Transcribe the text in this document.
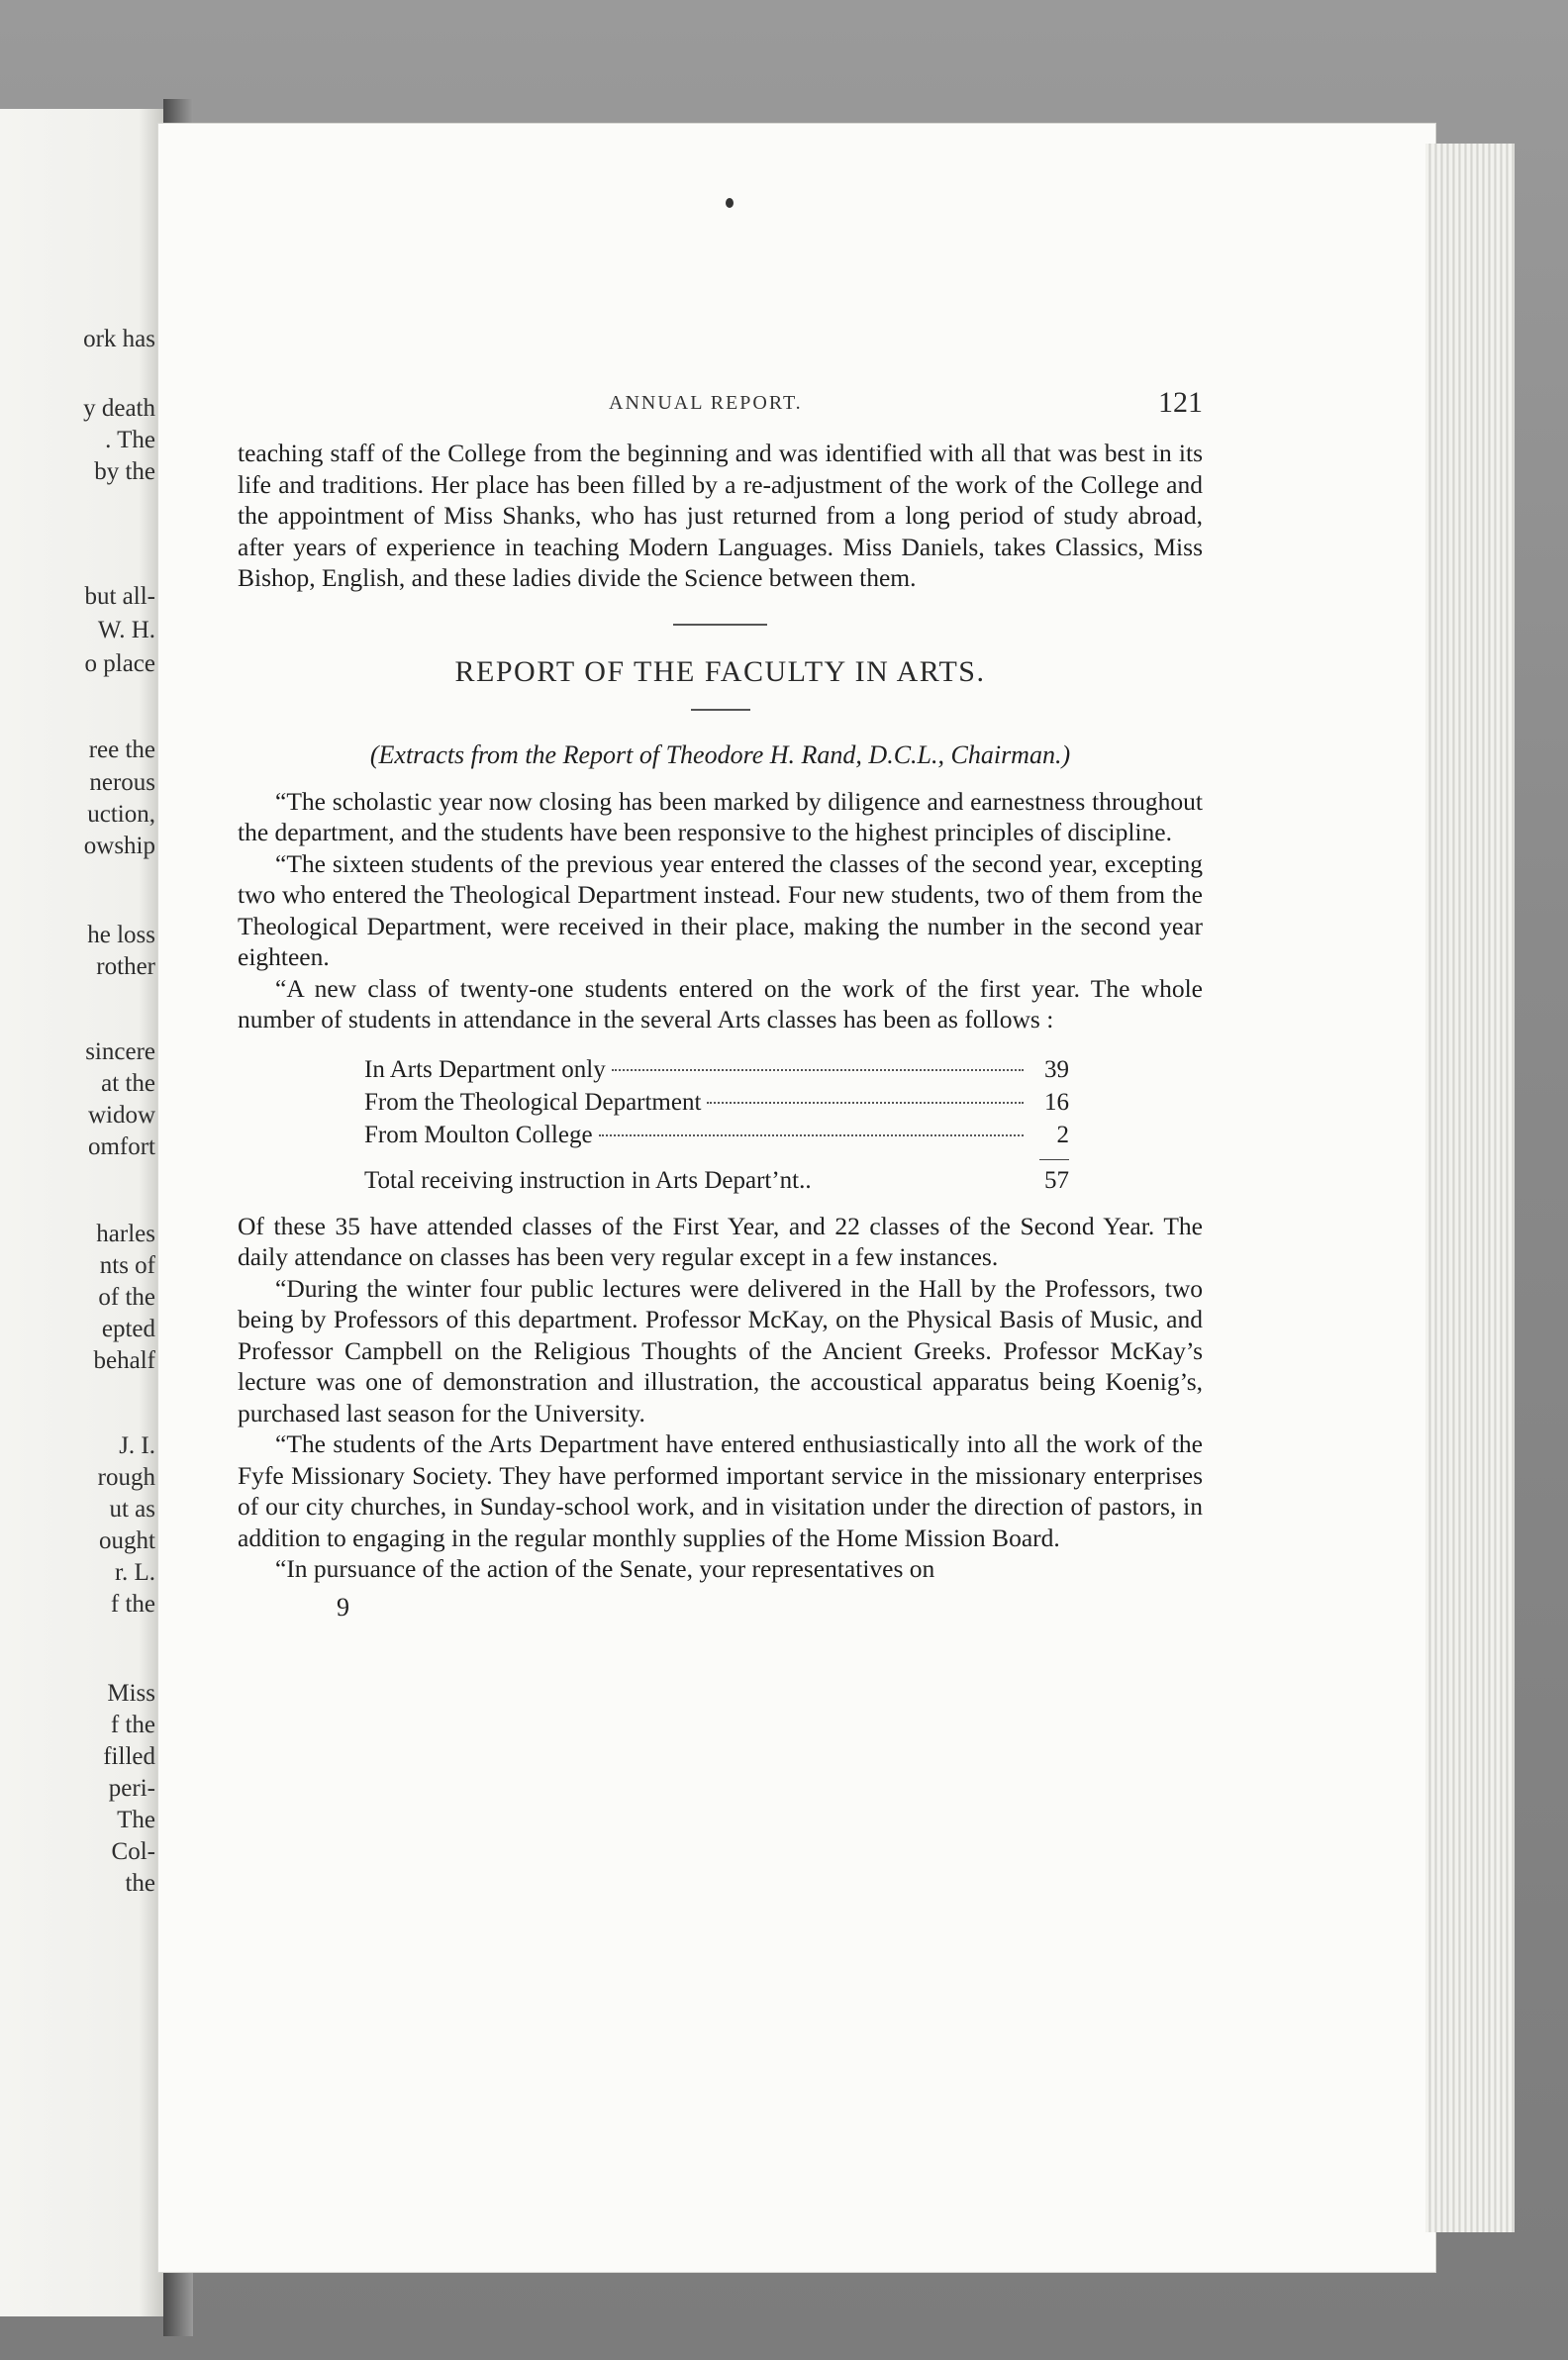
ork has
y death
. The
by the
but all-
W. H.
o place
ree the
nerous
uction,
owship
he loss
rother
sincere
at the
widow
omfort
harles
nts of
of the
epted
behalf
J. I.
rough
ut as
ought
r. L.
f the
Miss
f the
filled
peri-
The
Col-
the
ANNUAL REPORT.	121

teaching staff of the College from the beginning and was identified with all that was best in its life and traditions. Her place has been filled by a re-adjustment of the work of the College and the appointment of Miss Shanks, who has just returned from a long period of study abroad, after years of experience in teaching Modern Languages. Miss Daniels, takes Classics, Miss Bishop, English, and these ladies divide the Science between them.

REPORT OF THE FACULTY IN ARTS.
(Extracts from the Report of Theodore H. Rand, D.C.L., Chairman.)

“The scholastic year now closing has been marked by diligence and earnestness throughout the department, and the students have been responsive to the highest principles of discipline.

“The sixteen students of the previous year entered the classes of the second year, excepting two who entered the Theological Department instead. Four new students, two of them from the Theological Department, were received in their place, making the number in the second year eighteen.

“A new class of twenty-one students entered on the work of the first year. The whole number of students in attendance in the several Arts classes has been as follows :

In Arts Department only	39
From the Theological Department	16
From Moulton College	2
Total receiving instruction in Arts Depart’nt..	57

Of these 35 have attended classes of the First Year, and 22 classes of the Second Year. The daily attendance on classes has been very regular except in a few instances.

“During the winter four public lectures were delivered in the Hall by the Professors, two being by Professors of this department. Professor McKay, on the Physical Basis of Music, and Professor Campbell on the Religious Thoughts of the Ancient Greeks. Professor McKay’s lecture was one of demonstration and illustration, the accoustical apparatus being Koenig’s, purchased last season for the University.

“The students of the Arts Department have entered enthusiastically into all the work of the Fyfe Missionary Society. They have performed important service in the missionary enterprises of our city churches, in Sunday-school work, and in visitation under the direction of pastors, in addition to engaging in the regular monthly supplies of the Home Mission Board.

“In pursuance of the action of the Senate, your representatives on

9
